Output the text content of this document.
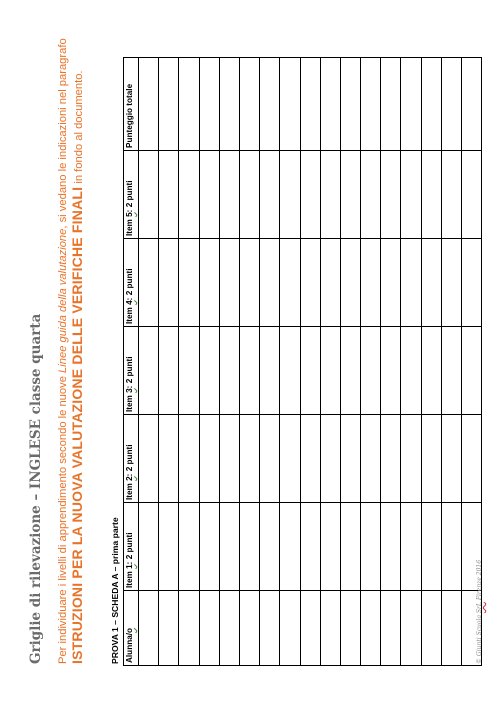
Griglie di rilevazione – INGLESE classe quarta Per individuare i livelli di apprendimento secondo le nuove Linee guida della valutazione, si vedano le indicazioni nel paragrafo ISTRUZIONI PER LA NUOVA VALUTAZIONE DELLE VERIFICHE FINALI in fondo al documento.
PROVA 1 – SCHEDA A – prima parte Alunna/o	Item 1: 2 punti	Item 2: 2 punti	Item 3: 2 punti	Item 4: 2 punti	Item 5: 2 punti	Punteggio totale

© Giunti Scuola SrL Firenze 2016
